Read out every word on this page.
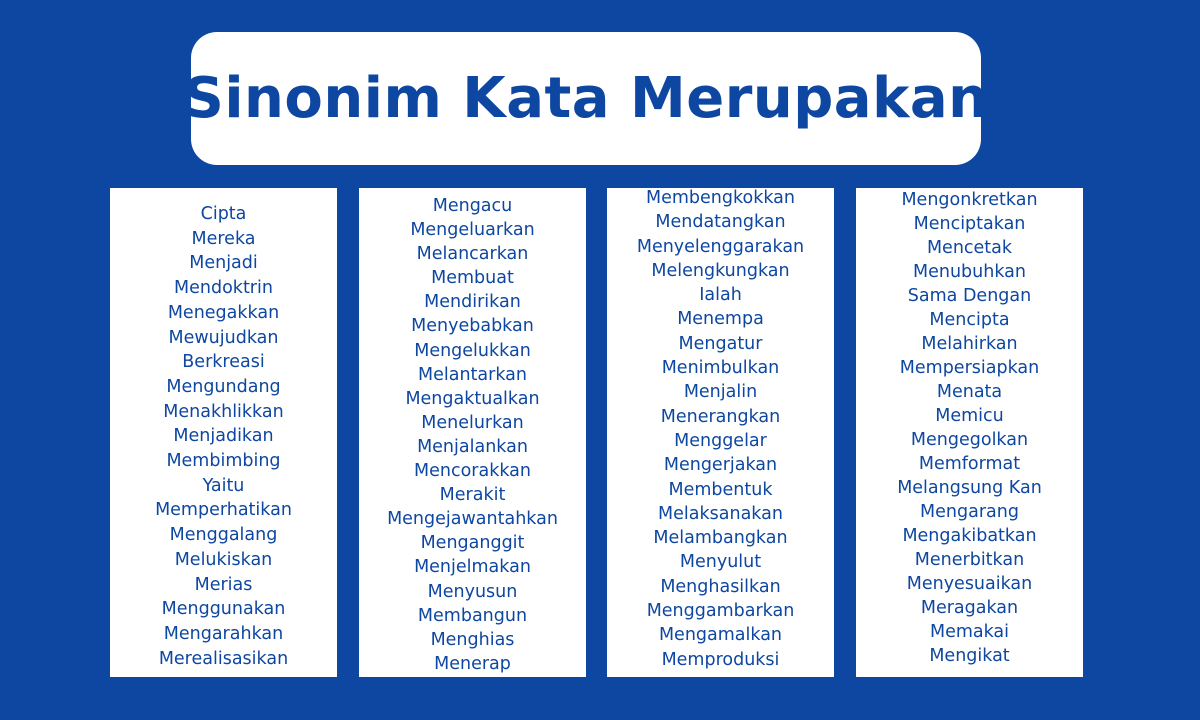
Sinonim Kata Merupakan
Cipta
Mereka
Menjadi
Mendoktrin
Menegakkan
Mewujudkan
Berkreasi
Mengundang
Menakhlikkan
Menjadikan
Membimbing
Yaitu
Memperhatikan
Menggalang
Melukiskan
Merias
Menggunakan
Mengarahkan
Merealisasikan
Mengacu
Mengeluarkan
Melancarkan
Membuat
Mendirikan
Menyebabkan
Mengelukkan
Melantarkan
Mengaktualkan
Menelurkan
Menjalankan
Mencorakkan
Merakit
Mengejawantahkan
Menganggit
Menjelmakan
Menyusun
Membangun
Menghias
Menerap
Membengkokkan
Mendatangkan
Menyelenggarakan
Melengkungkan
Ialah
Menempa
Mengatur
Menimbulkan
Menjalin
Menerangkan
Menggelar
Mengerjakan
Membentuk
Melaksanakan
Melambangkan
Menyulut
Menghasilkan
Menggambarkan
Mengamalkan
Memproduksi
Mengonkretkan
Menciptakan
Mencetak
Menubuhkan
Sama Dengan
Mencipta
Melahirkan
Mempersiapkan
Menata
Memicu
Mengegolkan
Memformat
Melangsung Kan
Mengarang
Mengakibatkan
Menerbitkan
Menyesuaikan
Meragakan
Memakai
Mengikat
